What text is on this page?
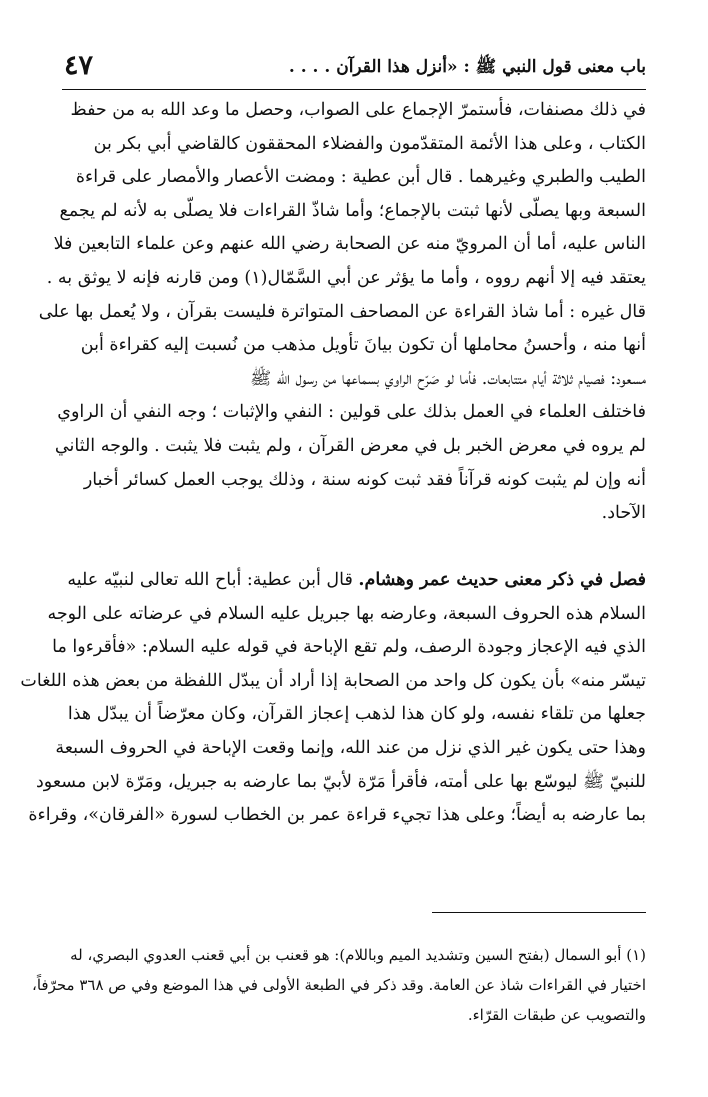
باب معنى قول النبي ﷺ : «أنزل هذا القرآن . . . .
٤٧
في ذلك مصنفات، فأستمرّ الإجماع على الصواب، وحصل ما وعد الله به من حفظ
الكتاب ، وعلى هذا الأئمة المتقدّمون والفضلاء المحققون كالقاضي أبي بكر بن
الطيب والطبري وغيرهما . قال أبن عطية : ومضت الأعصار والأمصار على قراءة
السبعة وبها يصلّى لأنها ثبتت بالإجماع؛ وأما شاذّ القراءات فلا يصلّى به لأنه لم يجمع
الناس عليه، أما أن المرويّ منه عن الصحابة رضي الله عنهم وعن علماء التابعين فلا
يعتقد فيه إلا أنهم رووه ، وأما ما يؤثر عن أبي السَّمّال(١) ومن قارنه فإنه لا يوثق به .
قال غيره : أما شاذ القراءة عن المصاحف المتواترة فليست بقرآن ، ولا يُعمل بها على
أنها منه ، وأحسنُ محاملها أن تكون بيانَ تأويل مذهب من نُسبت إليه كقراءة أبن
مسعود: فصيام ثلاثة أيام متتابعات. فأما لو صَرّح الراوي بسماعها من رسول الله ﷺ
فاختلف العلماء في العمل بذلك على قولين : النفي والإثبات ؛ وجه النفي أن الراوي
لم يروه في معرض الخبر بل في معرض القرآن ، ولم يثبت فلا يثبت . والوجه الثاني
أنه وإن لم يثبت كونه قرآناً فقد ثبت كونه سنة ، وذلك يوجب العمل كسائر أخبار
الآحاد.
فصل في ذكر معنى حديث عمر وهشام. قال أبن عطية: أباح الله تعالى لنبيّه عليه
السلام هذه الحروف السبعة، وعارضه بها جبريل عليه السلام في عرضاته على الوجه
الذي فيه الإعجاز وجودة الرصف، ولم تقع الإباحة في قوله عليه السلام: «فأقرءوا ما
تيسّر منه» بأن يكون كل واحد من الصحابة إذا أراد أن يبدّل اللفظة من بعض هذه اللغات
جعلها من تلقاء نفسه، ولو كان هذا لذهب إعجاز القرآن، وكان معرّضاً أن يبدّل هذا
وهذا حتى يكون غير الذي نزل من عند الله، وإنما وقعت الإباحة في الحروف السبعة
للنبيّ ﷺ ليوسّع بها على أمته، فأقرأ مَرّة لأبيّ بما عارضه به جبريل، ومَرّة لابن مسعود
بما عارضه به أيضاً؛ وعلى هذا تجيء قراءة عمر بن الخطاب لسورة «الفرقان»، وقراءة
(١) أبو السمال (بفتح السين وتشديد الميم وباللام): هو قعنب بن أبي قعنب العدوي البصري، له
اختيار في القراءات شاذ عن العامة. وقد ذكر في الطبعة الأولى في هذا الموضع وفي ص ٣٦٨ محرّفاً،
والتصويب عن طبقات القرّاء.
